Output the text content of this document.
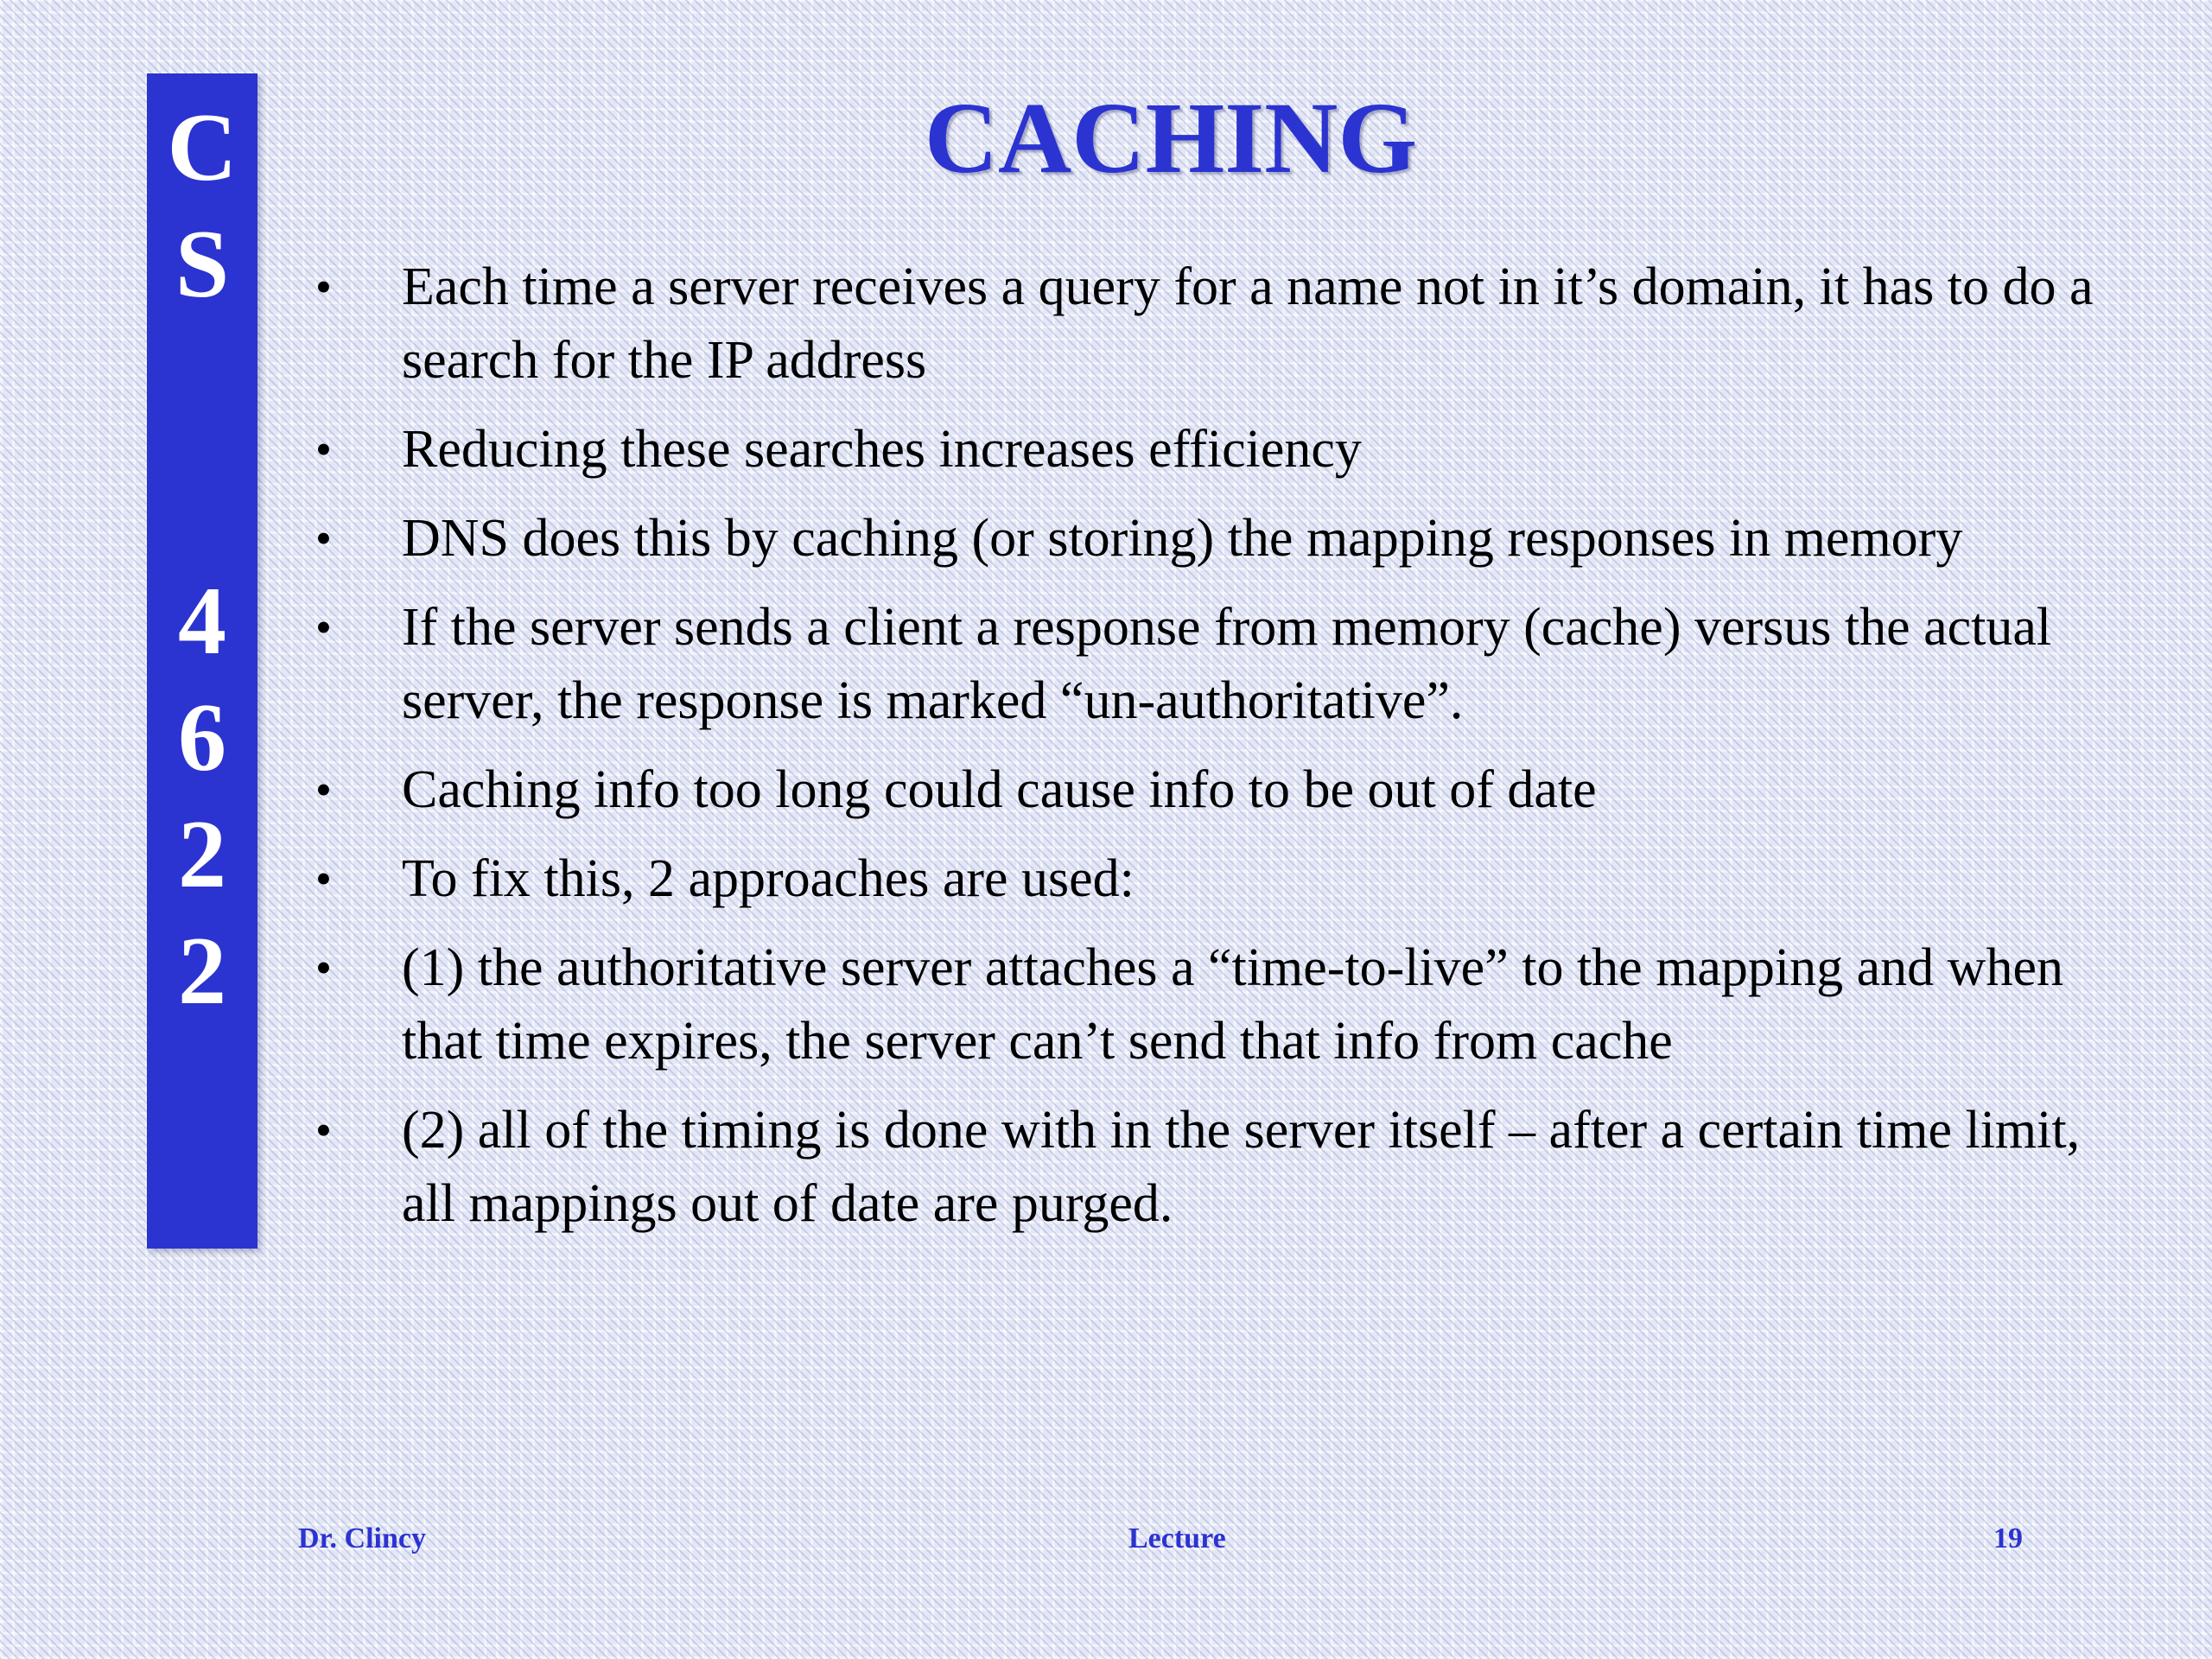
C
S
4
6
2
2
CACHING
• Each time a server receives a query for a name not in it’s domain, it has to do a search for the IP address
• Reducing these searches increases efficiency
• DNS does this by caching (or storing) the mapping responses in memory
• If the server sends a client a response from memory (cache) versus the actual server, the response is marked “un-authoritative”.
• Caching info too long could cause info to be out of date
• To fix this, 2 approaches are used:
• (1) the authoritative server attaches a “time-to-live” to the mapping and when that time expires, the server can’t send that info from cache
• (2) all of the timing is done with in the server itself – after a certain time limit, all mappings out of date are purged.
Dr. Clincy	Lecture	19
